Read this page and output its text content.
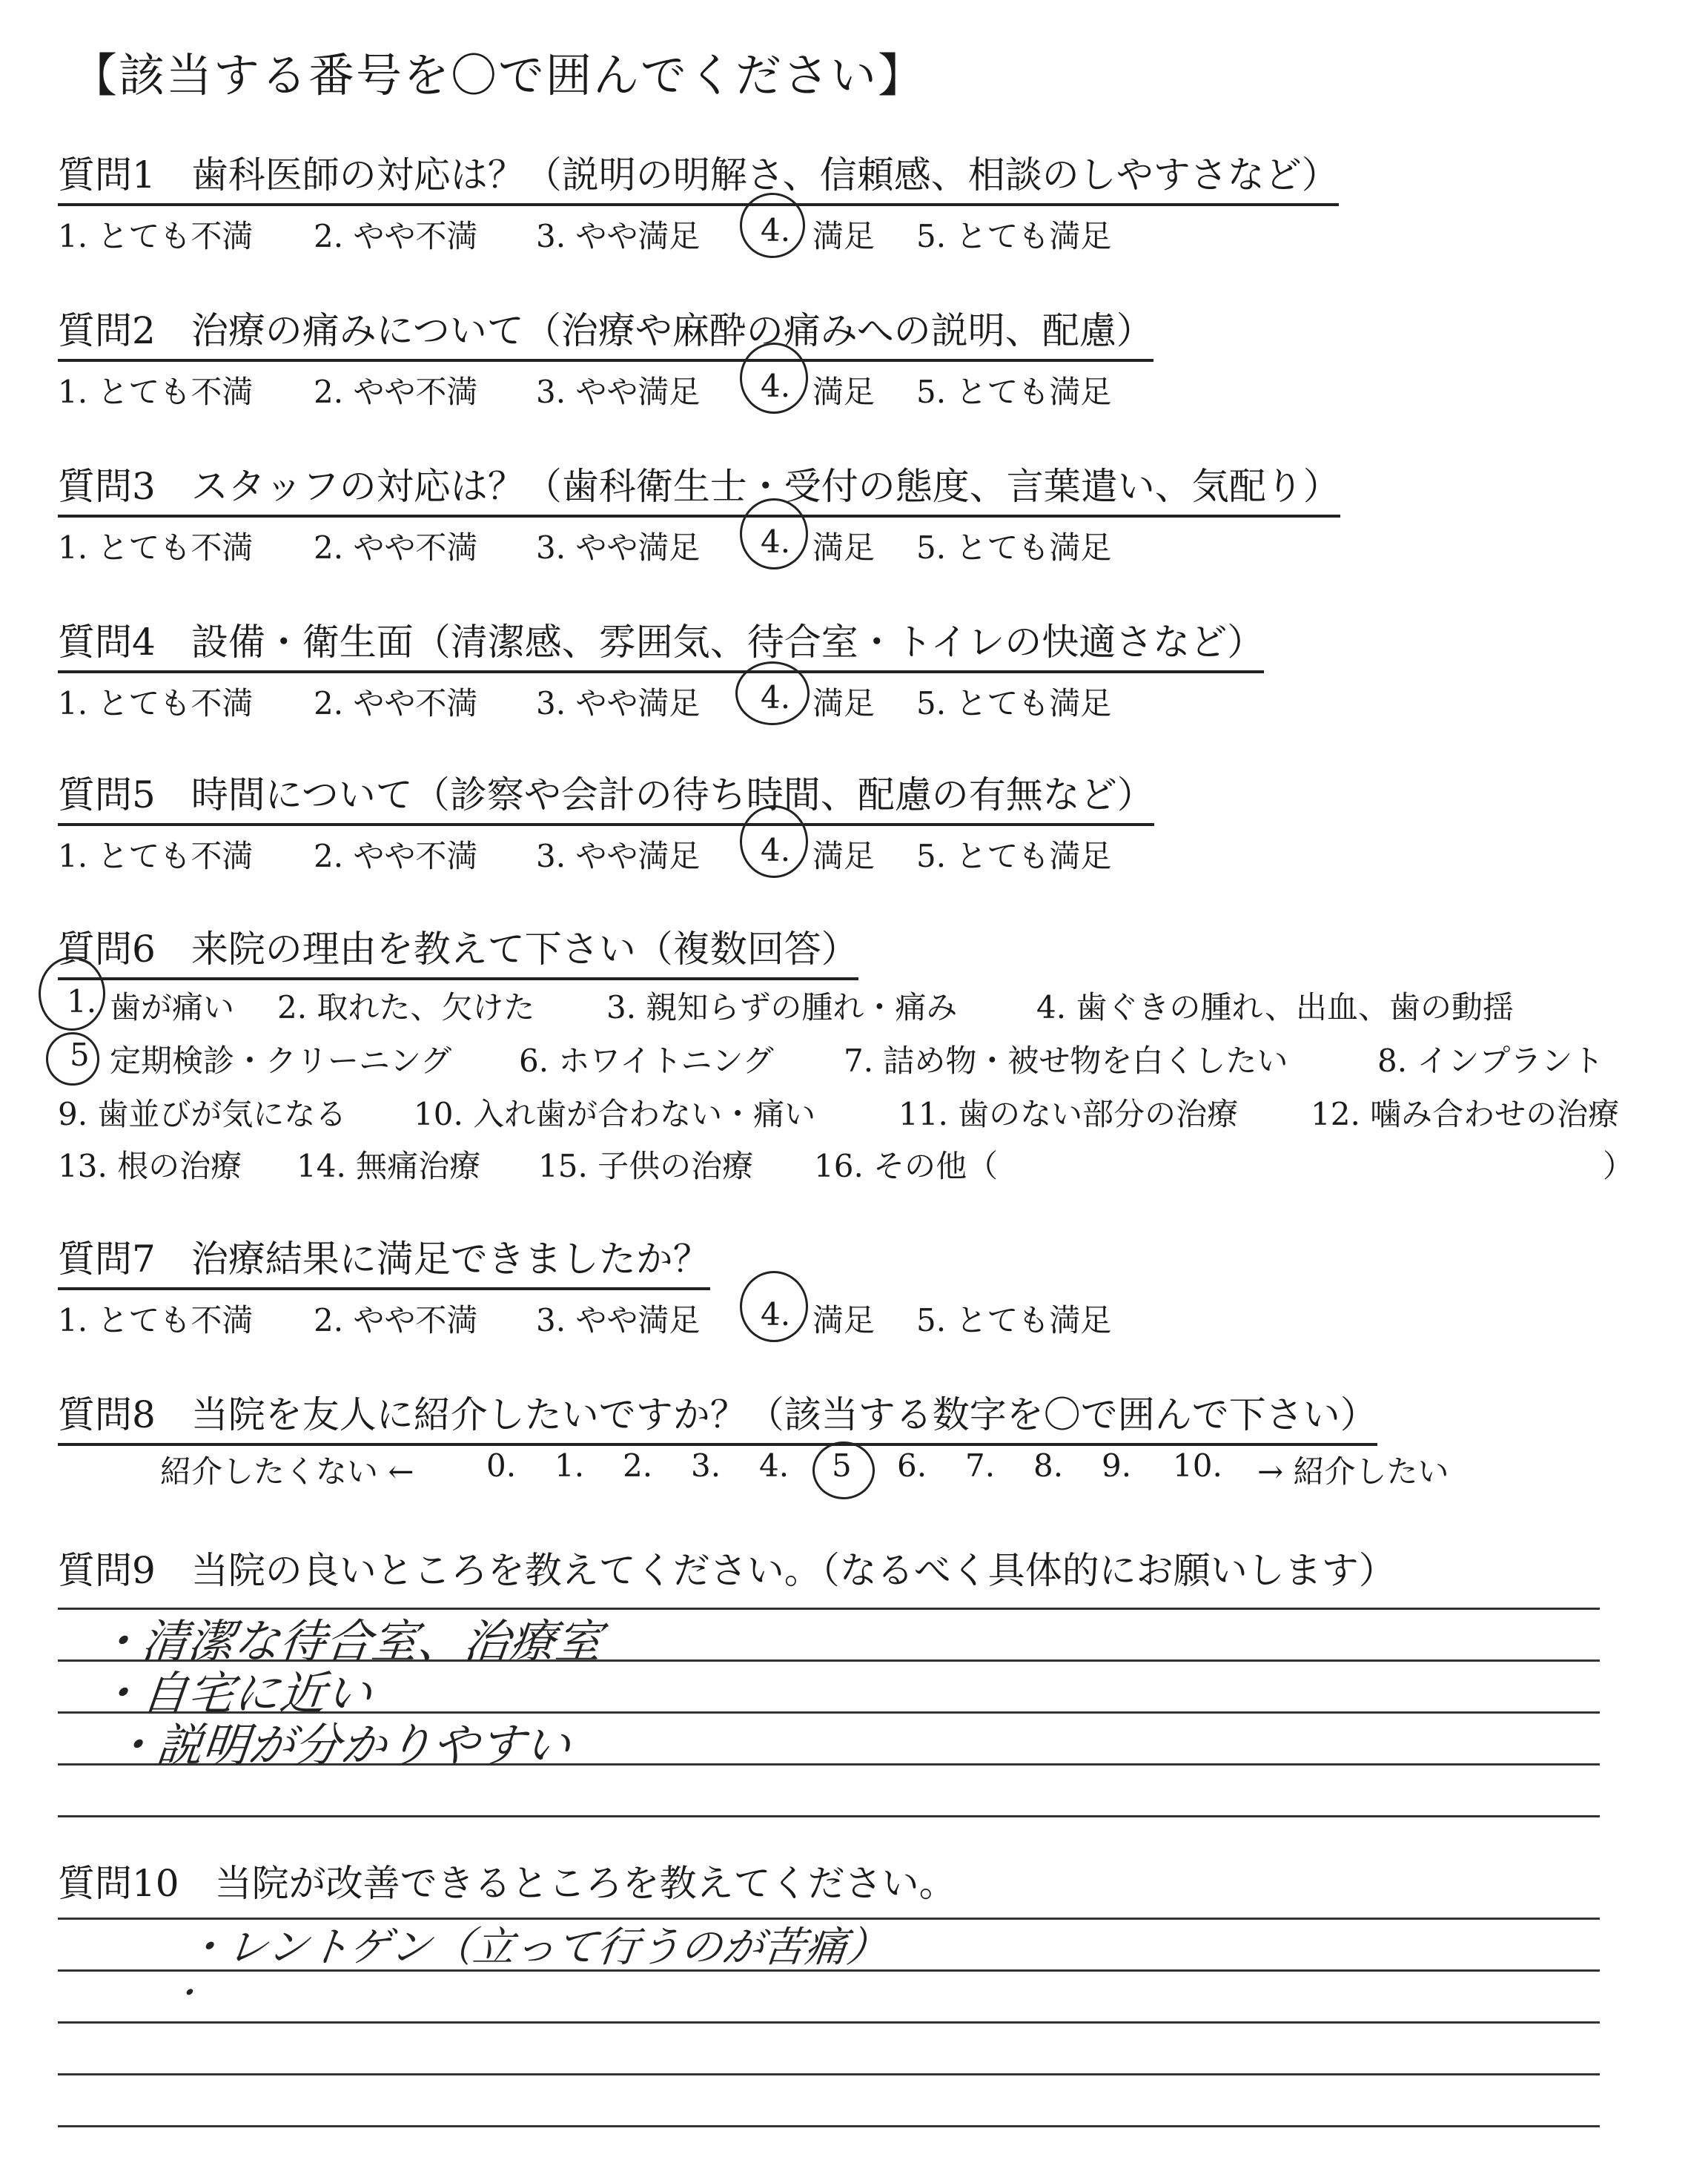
【該当する番号を〇で囲んでください】
質問1 歯科医師の対応は？（説明の明解さ、信頼感、相談のしやすさなど）
1. とても不満 2. やや不満 3. やや満足 4. 満足 5. とても満足
質問2 治療の痛みについて（治療や麻酔の痛みへの説明、配慮）
1. とても不満 2. やや不満 3. やや満足 4. 満足 5. とても満足
質問3 スタッフの対応は？（歯科衛生士・受付の態度、言葉遣い、気配り）
1. とても不満 2. やや不満 3. やや満足 4. 満足 5. とても満足
質問4 設備・衛生面（清潔感、雰囲気、待合室・トイレの快適さなど）
1. とても不満 2. やや不満 3. やや満足 4. 満足 5. とても満足
質問5 時間について（診察や会計の待ち時間、配慮の有無など）
1. とても不満 2. やや不満 3. やや満足 4. 満足 5. とても満足
質問6 来院の理由を教えて下さい（複数回答）
1. 歯が痛い 2. 取れた、欠けた 3. 親知らずの腫れ・痛み	4. 歯ぐきの腫れ、出血、歯の動揺
5 定期検診・クリーニング 6. ホワイトニング 7. 詰め物・被せ物を白くしたい	8. インプラント
9. 歯並びが気になる 10. 入れ歯が合わない・痛い	11. 歯のない部分の治療 12. 噛み合わせの治療
13. 根の治療 14. 無痛治療 15. 子供の治療 16. その他（	）
質問7 治療結果に満足できましたか？
1. とても不満 2. やや不満 3. やや満足 4. 満足 5. とても満足
質問8 当院を友人に紹介したいですか？（該当する数字を〇で囲んで下さい）
紹介したくない ← 0. 1. 2. 3. 4. 5 6. 7. 8. 9. 10. → 紹介したい
質問9 当院の良いところを教えてください。（なるべく具体的にお願いします）
・清潔な待合室、治療室
・自宅に近い
・説明が分かりやすい
質問10 当院が改善できるところを教えてください。
・レントゲン（立って行うのが苦痛）
・
